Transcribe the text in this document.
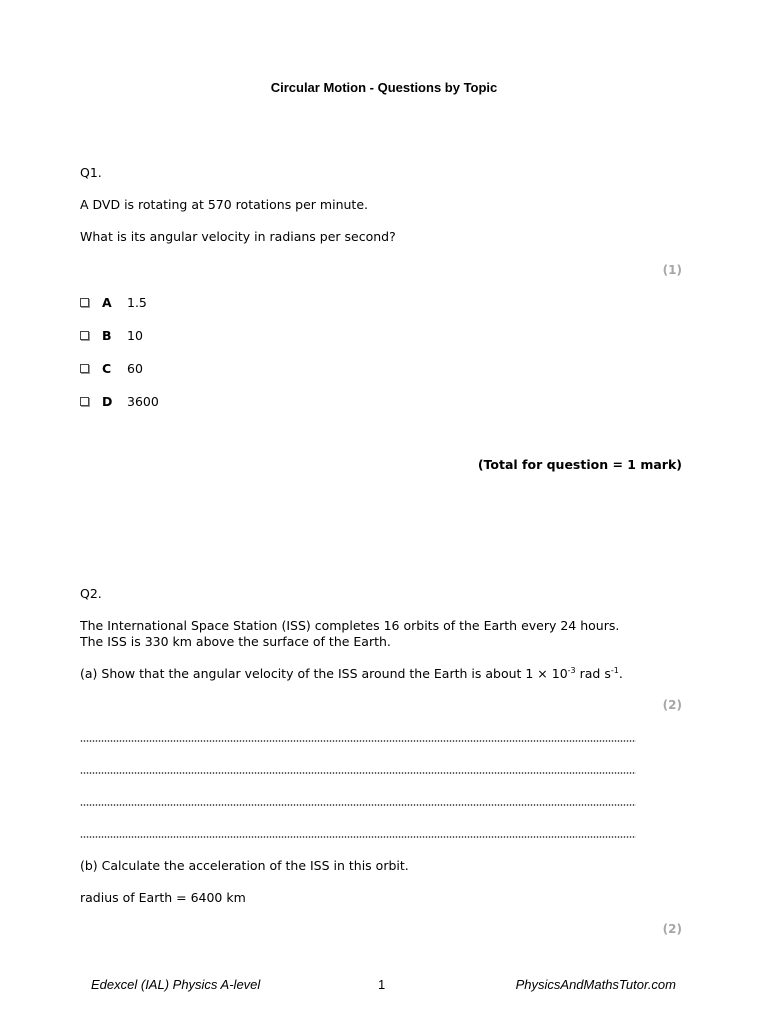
Circular Motion - Questions by Topic
Q1.
A DVD is rotating at 570 rotations per minute.
What is its angular velocity in radians per second?
(1)
A	1.5
B	10
C	60
D	3600
(Total for question = 1 mark)
Q2.
The International Space Station (ISS) completes 16 orbits of the Earth every 24 hours.
The ISS is 330 km above the surface of the Earth.
(a) Show that the angular velocity of the ISS around the Earth is about $1 \times 10^{-3}$ rad $s^{-1}$.
(2)
(b) Calculate the acceleration of the ISS in this orbit.
radius of Earth = 6400 km
(2)
Edexcel (IAL) Physics A-level	1	PhysicsAndMathsTutor.com
